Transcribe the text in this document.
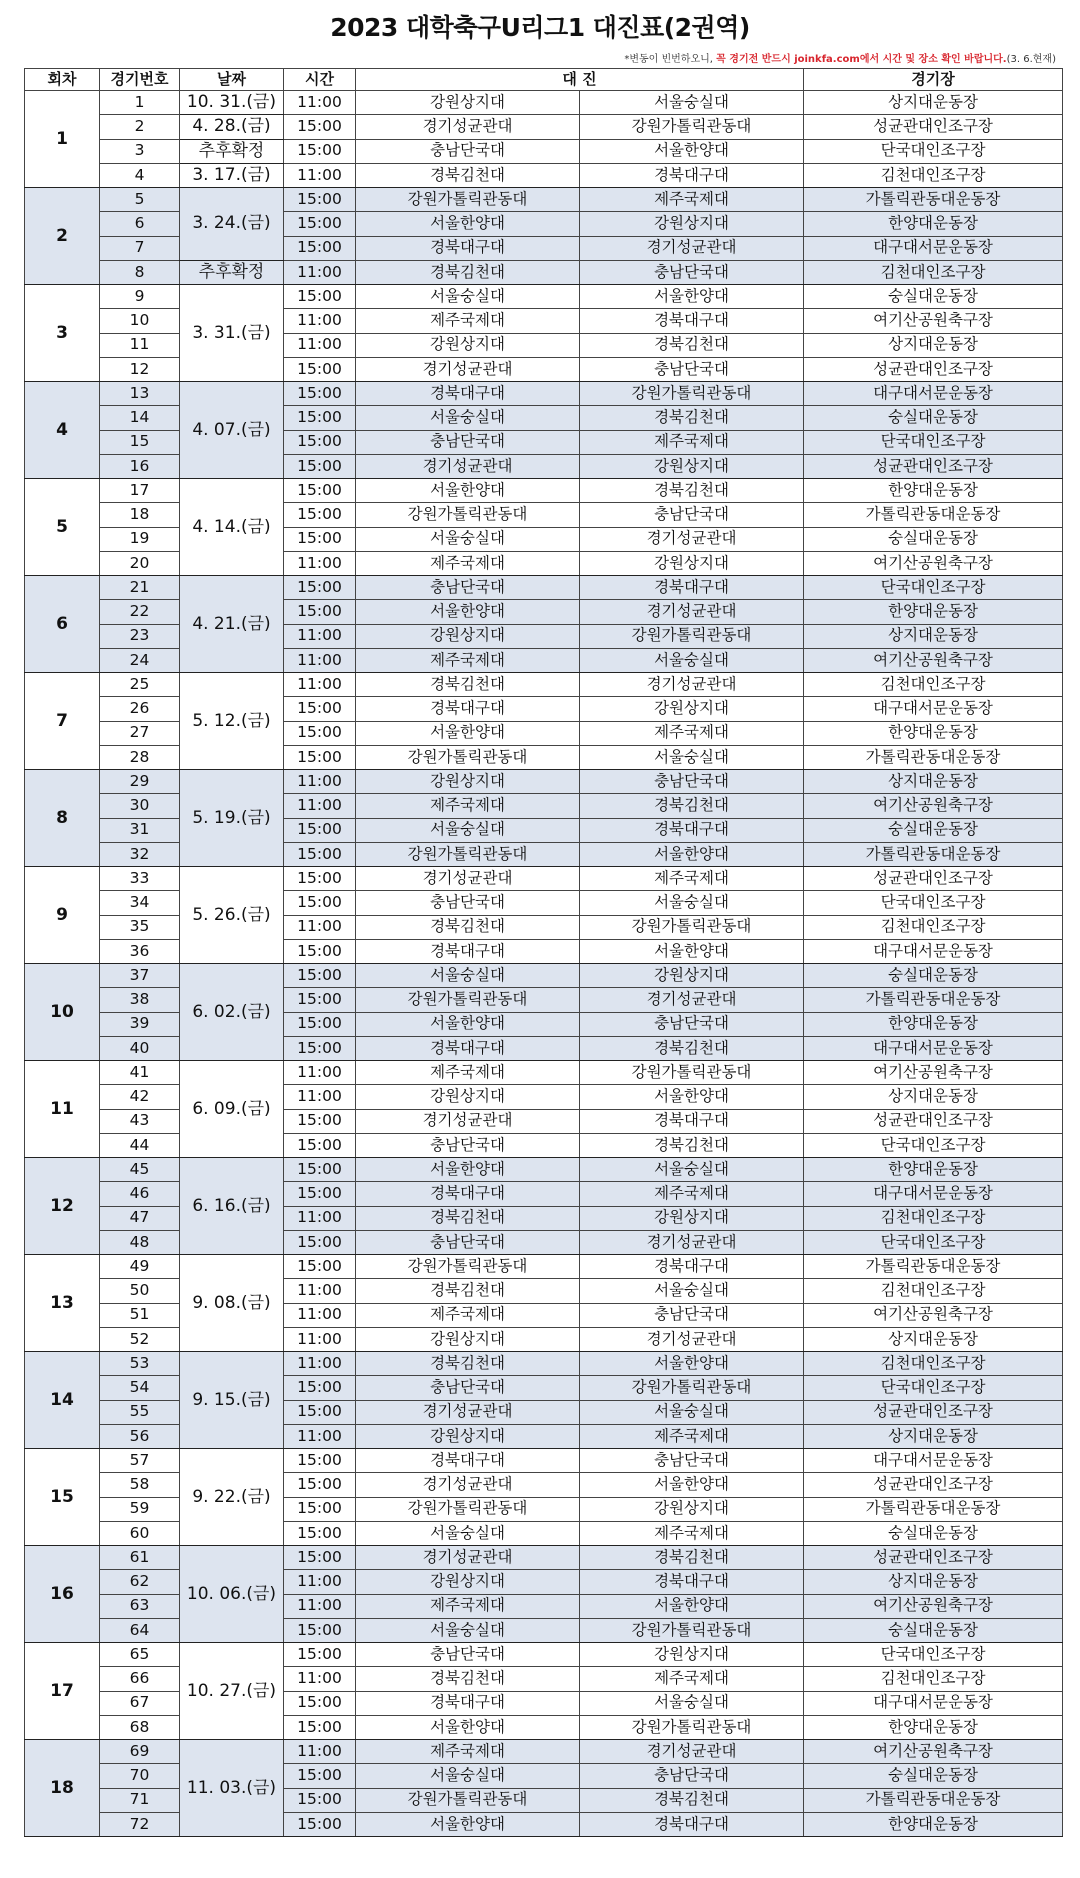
2023 대학축구U리그1 대진표(2권역)
*변동이 빈번하오니, 꼭 경기전 반드시 joinkfa.com에서 시간 및 장소 확인 바랍니다.(3. 6.현재)
회차	경기번호	날짜	시간	대 진		경기장
1	1	10. 31.(금)	11:00	강원상지대	서울숭실대	상지대운동장
	2	4. 28.(금)	15:00	경기성균관대	강원가톨릭관동대	성균관대인조구장
	3	추후확정	15:00	충남단국대	서울한양대	단국대인조구장
	4	3. 17.(금)	11:00	경북김천대	경북대구대	김천대인조구장
2	5	3. 24.(금)	15:00	강원가톨릭관동대	제주국제대	가톨릭관동대운동장
	6		15:00	서울한양대	강원상지대	한양대운동장
	7		15:00	경북대구대	경기성균관대	대구대서문운동장
	8	추후확정	11:00	경북김천대	충남단국대	김천대인조구장
3	9	3. 31.(금)	15:00	서울숭실대	서울한양대	숭실대운동장
	10		11:00	제주국제대	경북대구대	여기산공원축구장
	11		11:00	강원상지대	경북김천대	상지대운동장
	12		15:00	경기성균관대	충남단국대	성균관대인조구장
4	13	4. 07.(금)	15:00	경북대구대	강원가톨릭관동대	대구대서문운동장
	14		15:00	서울숭실대	경북김천대	숭실대운동장
	15		15:00	충남단국대	제주국제대	단국대인조구장
	16		15:00	경기성균관대	강원상지대	성균관대인조구장
5	17	4. 14.(금)	15:00	서울한양대	경북김천대	한양대운동장
	18		15:00	강원가톨릭관동대	충남단국대	가톨릭관동대운동장
	19		15:00	서울숭실대	경기성균관대	숭실대운동장
	20		11:00	제주국제대	강원상지대	여기산공원축구장
6	21	4. 21.(금)	15:00	충남단국대	경북대구대	단국대인조구장
	22		15:00	서울한양대	경기성균관대	한양대운동장
	23		11:00	강원상지대	강원가톨릭관동대	상지대운동장
	24		11:00	제주국제대	서울숭실대	여기산공원축구장
7	25	5. 12.(금)	11:00	경북김천대	경기성균관대	김천대인조구장
	26		15:00	경북대구대	강원상지대	대구대서문운동장
	27		15:00	서울한양대	제주국제대	한양대운동장
	28		15:00	강원가톨릭관동대	서울숭실대	가톨릭관동대운동장
8	29	5. 19.(금)	11:00	강원상지대	충남단국대	상지대운동장
	30		11:00	제주국제대	경북김천대	여기산공원축구장
	31		15:00	서울숭실대	경북대구대	숭실대운동장
	32		15:00	강원가톨릭관동대	서울한양대	가톨릭관동대운동장
9	33	5. 26.(금)	15:00	경기성균관대	제주국제대	성균관대인조구장
	34		15:00	충남단국대	서울숭실대	단국대인조구장
	35		11:00	경북김천대	강원가톨릭관동대	김천대인조구장
	36		15:00	경북대구대	서울한양대	대구대서문운동장
10	37	6. 02.(금)	15:00	서울숭실대	강원상지대	숭실대운동장
	38		15:00	강원가톨릭관동대	경기성균관대	가톨릭관동대운동장
	39		15:00	서울한양대	충남단국대	한양대운동장
	40		15:00	경북대구대	경북김천대	대구대서문운동장
11	41	6. 09.(금)	11:00	제주국제대	강원가톨릭관동대	여기산공원축구장
	42		11:00	강원상지대	서울한양대	상지대운동장
	43		15:00	경기성균관대	경북대구대	성균관대인조구장
	44		15:00	충남단국대	경북김천대	단국대인조구장
12	45	6. 16.(금)	15:00	서울한양대	서울숭실대	한양대운동장
	46		15:00	경북대구대	제주국제대	대구대서문운동장
	47		11:00	경북김천대	강원상지대	김천대인조구장
	48		15:00	충남단국대	경기성균관대	단국대인조구장
13	49	9. 08.(금)	15:00	강원가톨릭관동대	경북대구대	가톨릭관동대운동장
	50		11:00	경북김천대	서울숭실대	김천대인조구장
	51		11:00	제주국제대	충남단국대	여기산공원축구장
	52		11:00	강원상지대	경기성균관대	상지대운동장
14	53	9. 15.(금)	11:00	경북김천대	서울한양대	김천대인조구장
	54		15:00	충남단국대	강원가톨릭관동대	단국대인조구장
	55		15:00	경기성균관대	서울숭실대	성균관대인조구장
	56		11:00	강원상지대	제주국제대	상지대운동장
15	57	9. 22.(금)	15:00	경북대구대	충남단국대	대구대서문운동장
	58		15:00	경기성균관대	서울한양대	성균관대인조구장
	59		15:00	강원가톨릭관동대	강원상지대	가톨릭관동대운동장
	60		15:00	서울숭실대	제주국제대	숭실대운동장
16	61	10. 06.(금)	15:00	경기성균관대	경북김천대	성균관대인조구장
	62		11:00	강원상지대	경북대구대	상지대운동장
	63		11:00	제주국제대	서울한양대	여기산공원축구장
	64		15:00	서울숭실대	강원가톨릭관동대	숭실대운동장
17	65	10. 27.(금)	15:00	충남단국대	강원상지대	단국대인조구장
	66		11:00	경북김천대	제주국제대	김천대인조구장
	67		15:00	경북대구대	서울숭실대	대구대서문운동장
	68		15:00	서울한양대	강원가톨릭관동대	한양대운동장
18	69	11. 03.(금)	11:00	제주국제대	경기성균관대	여기산공원축구장
	70		15:00	서울숭실대	충남단국대	숭실대운동장
	71		15:00	강원가톨릭관동대	경북김천대	가톨릭관동대운동장
	72		15:00	서울한양대	경북대구대	한양대운동장
